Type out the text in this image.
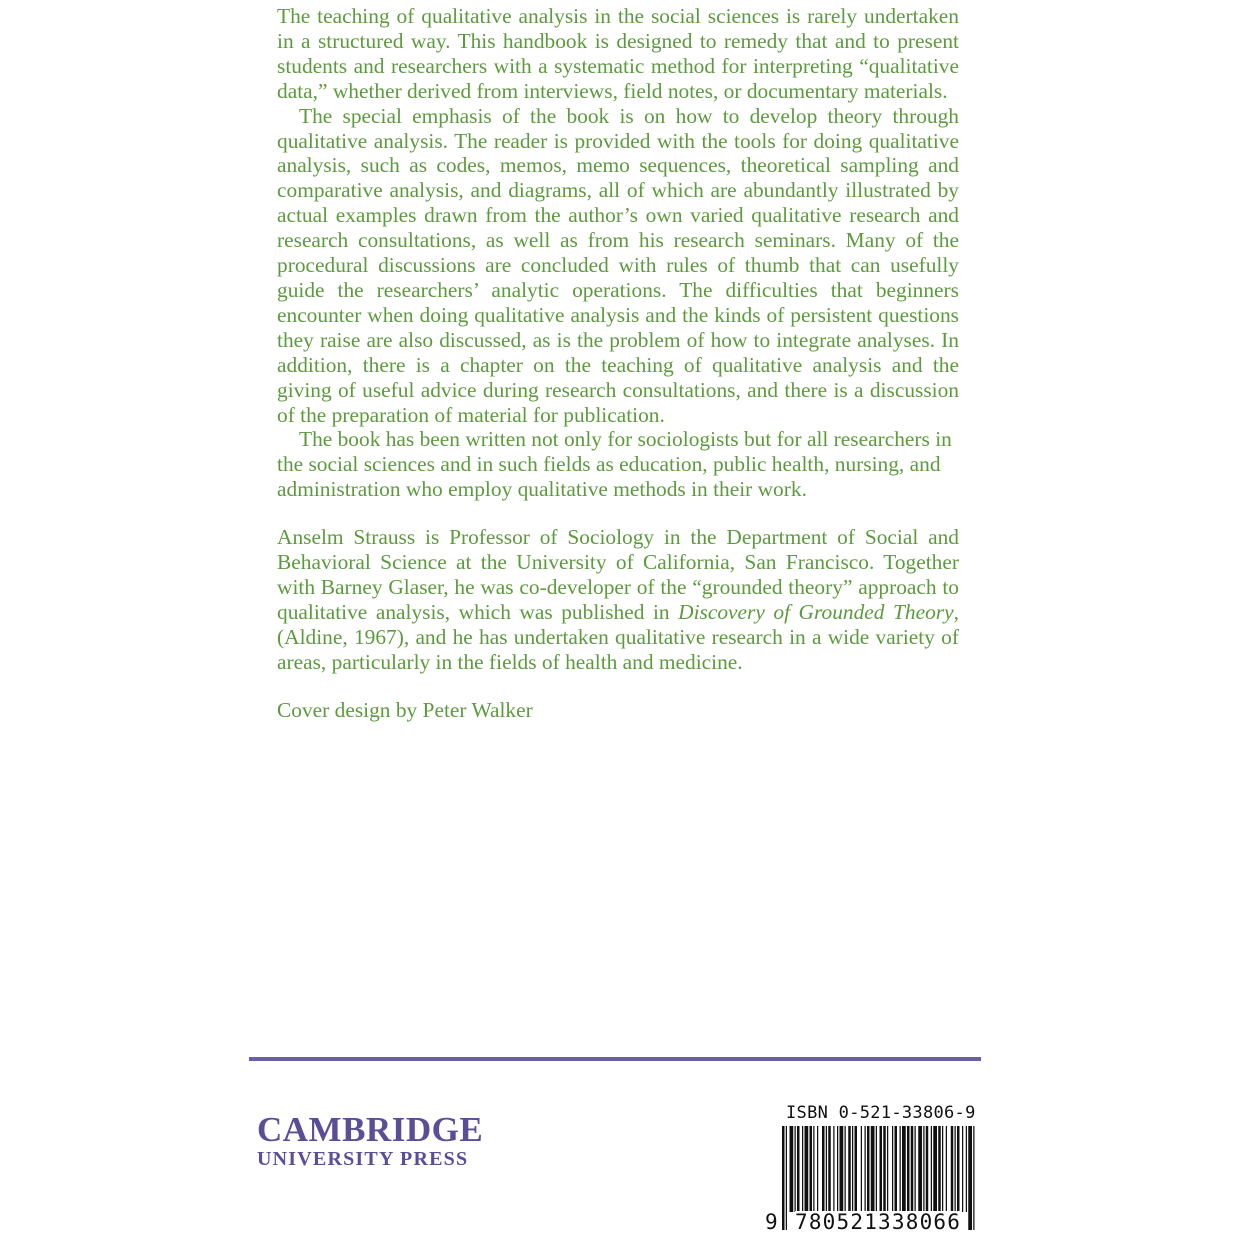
The teaching of qualitative analysis in the social sciences is rarely undertaken in a structured way. This handbook is designed to remedy that and to present students and researchers with a systematic method for interpreting “qualitative data,” whether derived from interviews, field notes, or documentary materials.

The special emphasis of the book is on how to develop theory through qualitative analysis. The reader is provided with the tools for doing qualitative analysis, such as codes, memos, memo sequences, theoretical sampling and comparative analysis, and diagrams, all of which are abundantly illustrated by actual examples drawn from the author’s own varied qualitative research and research consultations, as well as from his research seminars. Many of the procedural discussions are concluded with rules of thumb that can usefully guide the researchers’ analytic operations. The difficulties that beginners encounter when doing qualitative analysis and the kinds of persistent questions they raise are also discussed, as is the problem of how to integrate analyses. In addition, there is a chapter on the teaching of qualitative analysis and the giving of useful advice during research consultations, and there is a discussion of the preparation of material for publication.

The book has been written not only for sociologists but for all researchers in the social sciences and in such fields as education, public health, nursing, and administration who employ qualitative methods in their work.

Anselm Strauss is Professor of Sociology in the Department of Social and Behavioral Science at the University of California, San Francisco. Together with Barney Glaser, he was co-developer of the “grounded theory” approach to qualitative analysis, which was published in Discovery of Grounded Theory, (Aldine, 1967), and he has undertaken qualitative research in a wide variety of areas, particularly in the fields of health and medicine.

Cover design by Peter Walker

CAMBRIDGE
UNIVERSITY PRESS
ISBN 0-521-33806-9
9 780521338066
